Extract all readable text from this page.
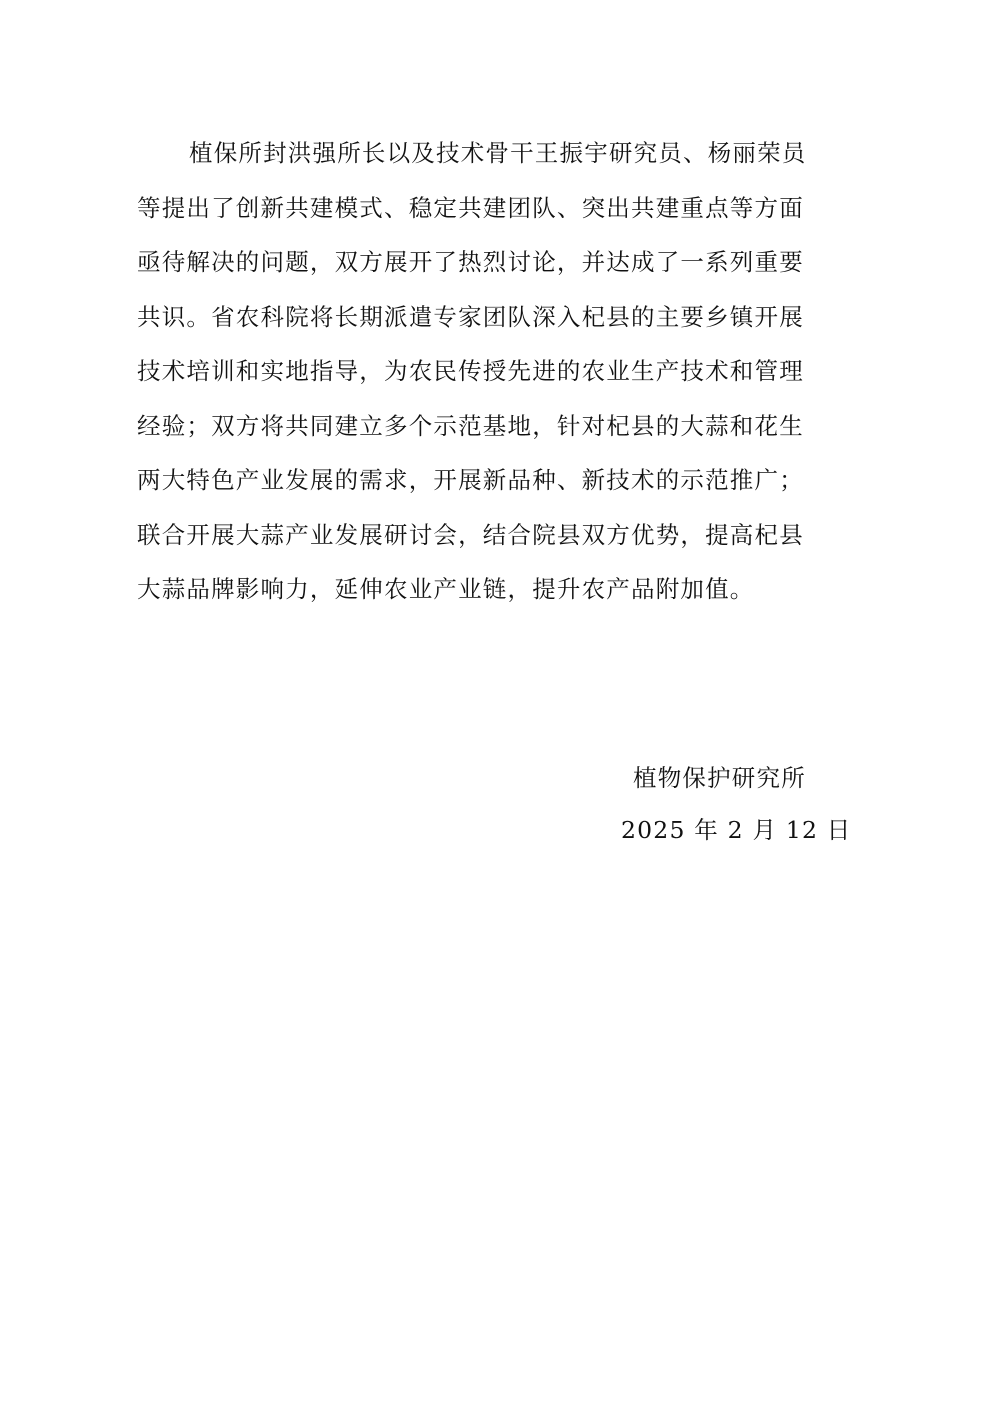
植保所封洪强所长以及技术骨干王振宇研究员、杨丽荣员
等提出了创新共建模式、稳定共建团队、突出共建重点等方面
亟待解决的问题，双方展开了热烈讨论，并达成了一系列重要
共识。省农科院将长期派遣专家团队深入杞县的主要乡镇开展
技术培训和实地指导，为农民传授先进的农业生产技术和管理
经验；双方将共同建立多个示范基地，针对杞县的大蒜和花生
两大特色产业发展的需求，开展新品种、新技术的示范推广；
联合开展大蒜产业发展研讨会，结合院县双方优势，提高杞县
大蒜品牌影响力，延伸农业产业链，提升农产品附加值。
植物保护研究所
2025 年 2 月 12 日
